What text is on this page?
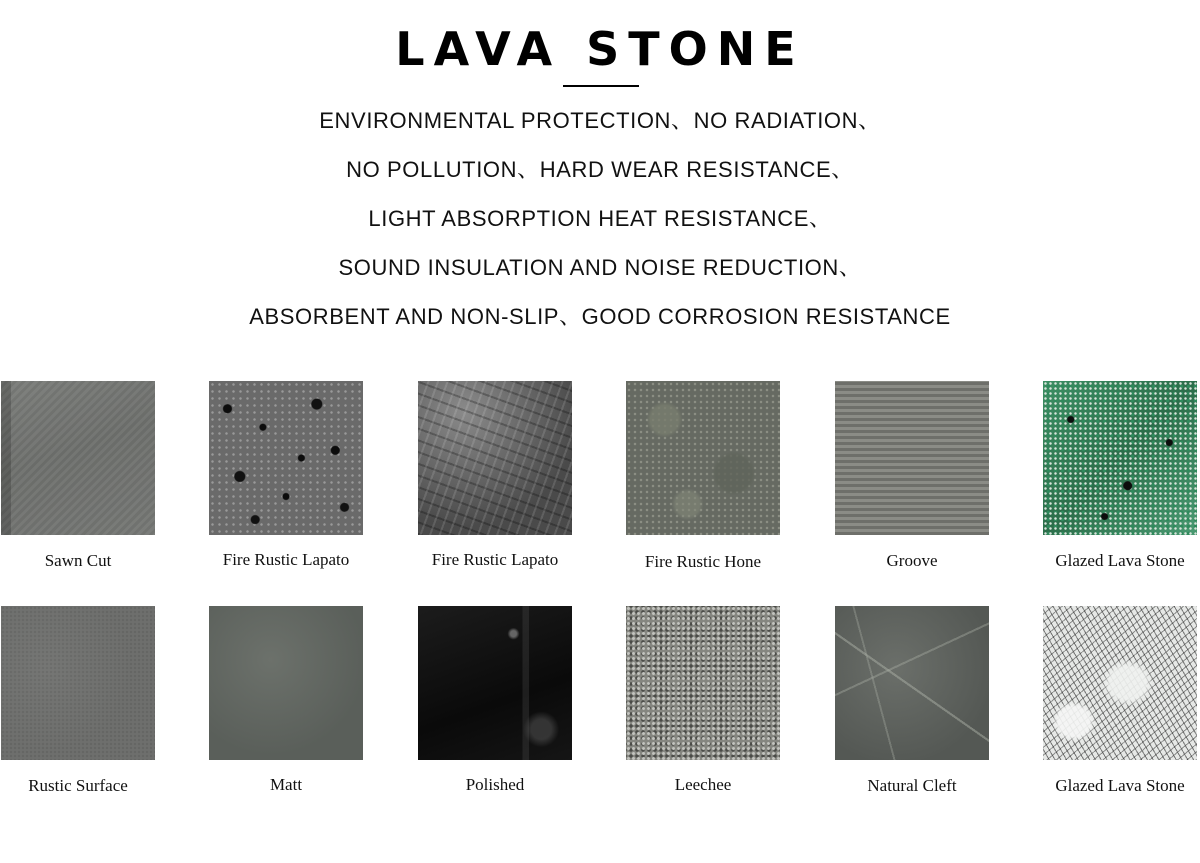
LAVA STONE
ENVIRONMENTAL PROTECTION、NO RADIATION、
NO POLLUTION、HARD WEAR RESISTANCE、
LIGHT ABSORPTION HEAT RESISTANCE、
SOUND INSULATION AND NOISE REDUCTION、
ABSORBENT AND NON-SLIP、GOOD CORROSION RESISTANCE
Sawn Cut	Fire Rustic Lapato	Fire Rustic Lapato	Fire Rustic Hone	Groove	Glazed Lava Stone
Rustic Surface	Matt	Polished	Leechee	Natural Cleft	Glazed Lava Stone
